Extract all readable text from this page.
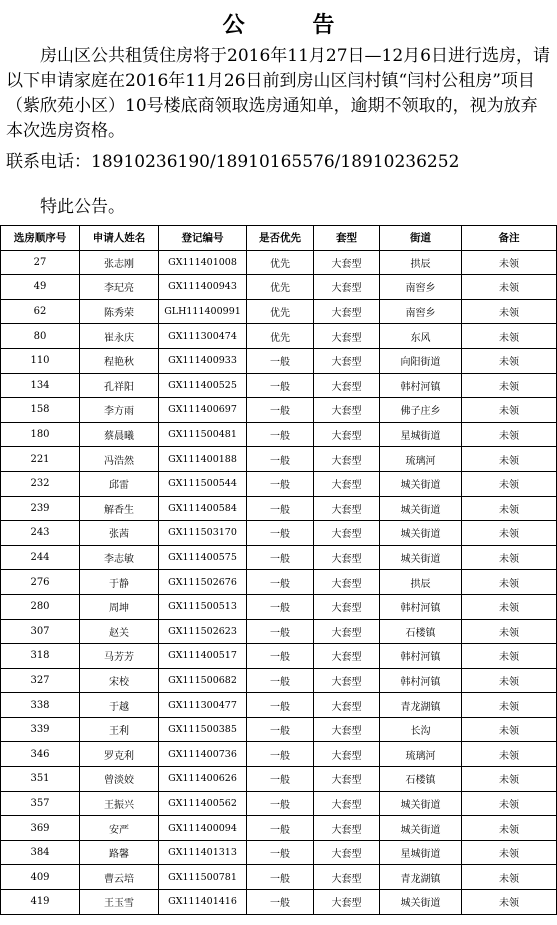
公 告
房山区公共租赁住房将于2016年11月27日—12月6日进行选房，请以下申请家庭在2016年11月26日前到房山区闫村镇“闫村公租房”项目（紫欣苑小区）10号楼底商领取选房通知单，逾期不领取的，视为放弃本次选房资格。
联系电话：18910236190/18910165576/18910236252
特此公告。
选房顺序号	申请人姓名	登记编号	是否优先	套型	街道	备注
27	张志刚	GX111401008	优先	大套型	拱辰	未领
49	李玘亮	GX111400943	优先	大套型	南窖乡	未领
62	陈秀荣	GLH111400991	优先	大套型	南窖乡	未领
80	崔永庆	GX111300474	优先	大套型	东风	未领
110	程艳秋	GX111400933	一般	大套型	向阳街道	未领
134	孔祥阳	GX111400525	一般	大套型	韩村河镇	未领
158	李方雨	GX111400697	一般	大套型	佛子庄乡	未领
180	蔡晨曦	GX111500481	一般	大套型	星城街道	未领
221	冯浩然	GX111400188	一般	大套型	琉璃河	未领
232	邱雷	GX111500544	一般	大套型	城关街道	未领
239	解香生	GX111400584	一般	大套型	城关街道	未领
243	张茜	GX111503170	一般	大套型	城关街道	未领
244	李志敏	GX111400575	一般	大套型	城关街道	未领
276	于静	GX111502676	一般	大套型	拱辰	未领
280	周坤	GX111500513	一般	大套型	韩村河镇	未领
307	赵关	GX111502623	一般	大套型	石楼镇	未领
318	马芳芳	GX111400517	一般	大套型	韩村河镇	未领
327	宋校	GX111500682	一般	大套型	韩村河镇	未领
338	于越	GX111300477	一般	大套型	青龙湖镇	未领
339	王利	GX111500385	一般	大套型	长沟	未领
346	罗克利	GX111400736	一般	大套型	琉璃河	未领
351	曾淡姣	GX111400626	一般	大套型	石楼镇	未领
357	王振兴	GX111400562	一般	大套型	城关街道	未领
369	安严	GX111400094	一般	大套型	城关街道	未领
384	路馨	GX111401313	一般	大套型	星城街道	未领
409	曹云培	GX111500781	一般	大套型	青龙湖镇	未领
419	王玉雪	GX111401416	一般	大套型	城关街道	未领
